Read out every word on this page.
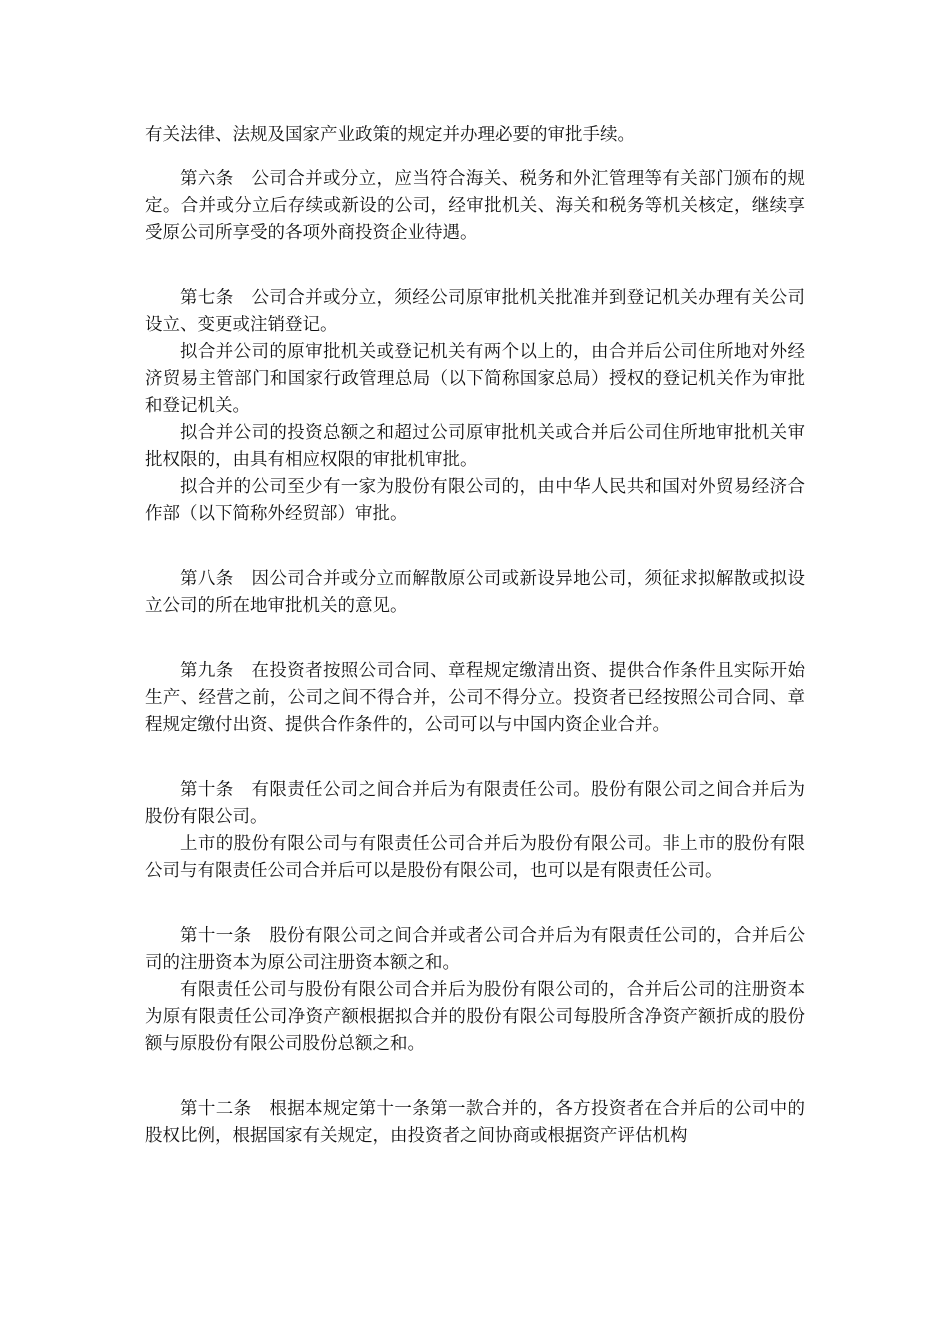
有关法律、法规及国家产业政策的规定并办理必要的审批手续。

第六条　公司合并或分立，应当符合海关、税务和外汇管理等有关部门颁布的规定。合并或分立后存续或新设的公司，经审批机关、海关和税务等机关核定，继续享受原公司所享受的各项外商投资企业待遇。

第七条　公司合并或分立，须经公司原审批机关批准并到登记机关办理有关公司设立、变更或注销登记。

拟合并公司的原审批机关或登记机关有两个以上的，由合并后公司住所地对外经济贸易主管部门和国家行政管理总局（以下简称国家总局）授权的登记机关作为审批和登记机关。

拟合并公司的投资总额之和超过公司原审批机关或合并后公司住所地审批机关审批权限的，由具有相应权限的审批机审批。

拟合并的公司至少有一家为股份有限公司的，由中华人民共和国对外贸易经济合作部（以下简称外经贸部）审批。

第八条　因公司合并或分立而解散原公司或新设异地公司，须征求拟解散或拟设立公司的所在地审批机关的意见。

第九条　在投资者按照公司合同、章程规定缴清出资、提供合作条件且实际开始生产、经营之前，公司之间不得合并，公司不得分立。投资者已经按照公司合同、章程规定缴付出资、提供合作条件的，公司可以与中国内资企业合并。

第十条　有限责任公司之间合并后为有限责任公司。股份有限公司之间合并后为股份有限公司。

上市的股份有限公司与有限责任公司合并后为股份有限公司。非上市的股份有限公司与有限责任公司合并后可以是股份有限公司，也可以是有限责任公司。

第十一条　股份有限公司之间合并或者公司合并后为有限责任公司的，合并后公司的注册资本为原公司注册资本额之和。

有限责任公司与股份有限公司合并后为股份有限公司的，合并后公司的注册资本为原有限责任公司净资产额根据拟合并的股份有限公司每股所含净资产额折成的股份额与原股份有限公司股份总额之和。

第十二条　根据本规定第十一条第一款合并的，各方投资者在合并后的公司中的股权比例，根据国家有关规定，由投资者之间协商或根据资产评估机构
